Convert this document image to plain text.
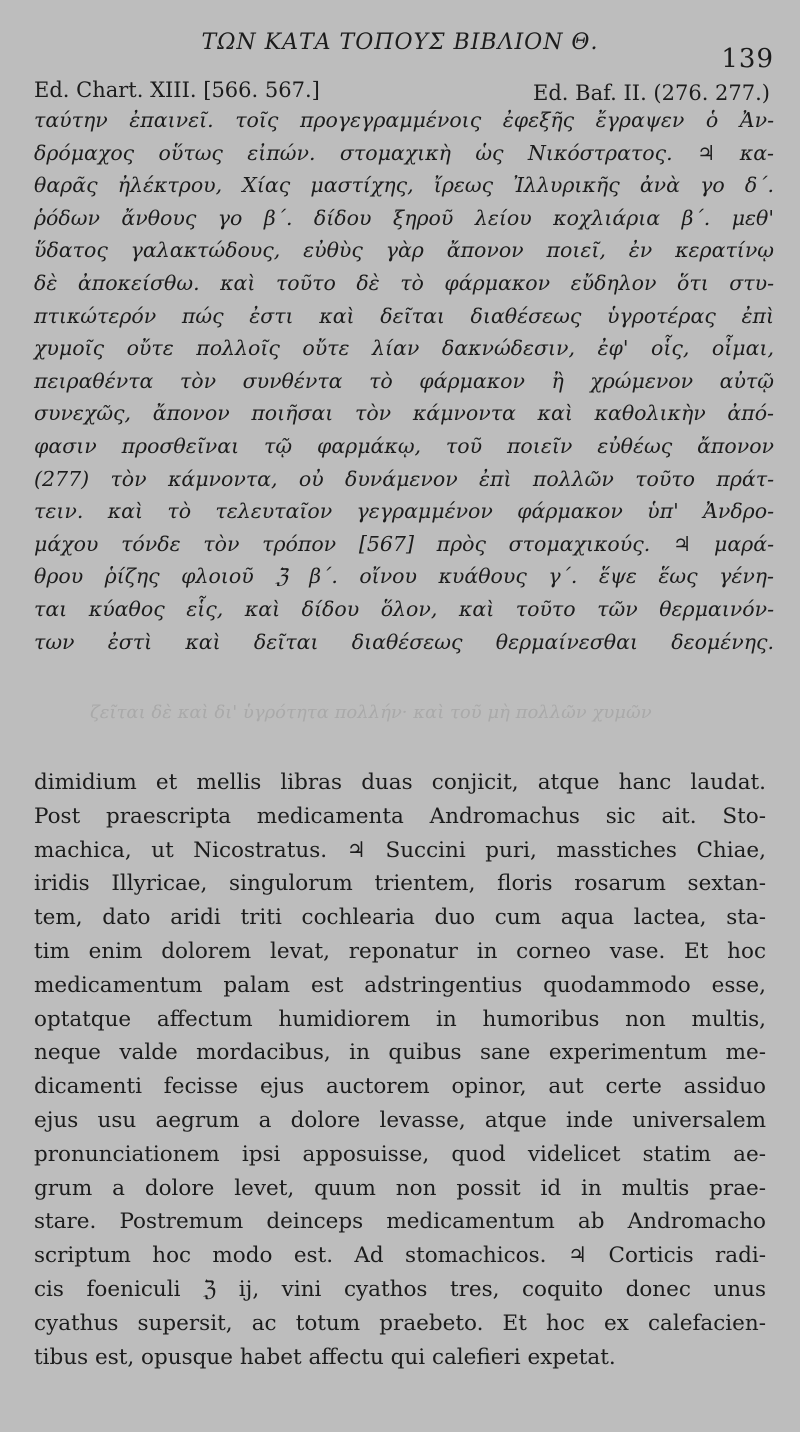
ΤΩΝ ΚΑΤΑ ΤΟΠΟΥΣ ΒΙΒΛΙΟΝ Θ.
139
Ed. Chart. XIII. [566. 567.]	Ed. Baf. II. (276. 277.)
ταύτην ἐπαινεῖ. τοῖς προγεγραμμένοις ἐφεξῆς ἔγραψεν ὁ Ἀν-
δρόμαχος οὕτως εἰπών. στομαχικὴ ὡς Νικόστρατος. ♃ κα-
θαρᾶς ἠλέκτρου, Χίας μαστίχης, ἴρεως Ἰλλυρικῆς ἀνὰ γο δ΄.
ῥόδων ἄνθους γο β΄. δίδου ξηροῦ λείου κοχλιάρια β΄. μεθ'
ὕδατος γαλακτώδους, εὐθὺς γὰρ ἄπονον ποιεῖ, ἐν κερατίνῳ
δὲ ἀποκείσθω. καὶ τοῦτο δὲ τὸ φάρμακον εὔδηλον ὅτι στυ-
πτικώτερόν πώς ἐστι καὶ δεῖται διαθέσεως ὑγροτέρας ἐπὶ
χυμοῖς οὔτε πολλοῖς οὔτε λίαν δακνώδεσιν, ἐφ' οἷς, οἶμαι,
πειραθέντα τὸν συνθέντα τὸ φάρμακον ἢ χρώμενον αὐτῷ
συνεχῶς, ἄπονον ποιῆσαι τὸν κάμνοντα καὶ καθολικὴν ἀπό-
φασιν προσθεῖναι τῷ φαρμάκῳ, τοῦ ποιεῖν εὐθέως ἄπονον
(277) τὸν κάμνοντα, οὐ δυνάμενον ἐπὶ πολλῶν τοῦτο πράτ-
τειν. καὶ τὸ τελευταῖον γεγραμμένον φάρμακον ὑπ' Ἀνδρο-
μάχου τόνδε τὸν τρόπον [567] πρὸς στομαχικούς. ♃ μαρά-
θρου ῥίζης φλοιοῦ ℨ β΄. οἴνου κυάθους γ΄. ἕψε ἕως γένη-
ται κύαθος εἷς, καὶ δίδου ὅλον, καὶ τοῦτο τῶν θερμαινόν-
των ἐστὶ καὶ δεῖται διαθέσεως θερμαίνεσθαι δεομένης.
ζεῖται δὲ καὶ δι' ὑγρότητα πολλήν· καὶ τοῦ μὴ πολλῶν χυμῶν
dimidium et mellis libras duas conjicit, atque hanc laudat.
Post praescripta medicamenta Andromachus sic ait. Sto-
machica, ut Nicostratus. ♃ Succini puri, masstiches Chiae,
iridis Illyricae, singulorum trientem, floris rosarum sextan-
tem, dato aridi triti cochlearia duo cum aqua lactea, sta-
tim enim dolorem levat, reponatur in corneo vase. Et hoc
medicamentum palam est adstringentius quodammodo esse,
optatque affectum humidiorem in humoribus non multis,
neque valde mordacibus, in quibus sane experimentum me-
dicamenti fecisse ejus auctorem opinor, aut certe assiduo
ejus usu aegrum a dolore levasse, atque inde universalem
pronunciationem ipsi apposuisse, quod videlicet statim ae-
grum a dolore levet, quum non possit id in multis prae-
stare. Postremum deinceps medicamentum ab Andromacho
scriptum hoc modo est. Ad stomachicos. ♃ Corticis radi-
cis foeniculi ℨ ij, vini cyathos tres, coquito donec unus
cyathus supersit, ac totum praebeto. Et hoc ex calefacien-
tibus est, opusque habet affectu qui calefieri expetat.
